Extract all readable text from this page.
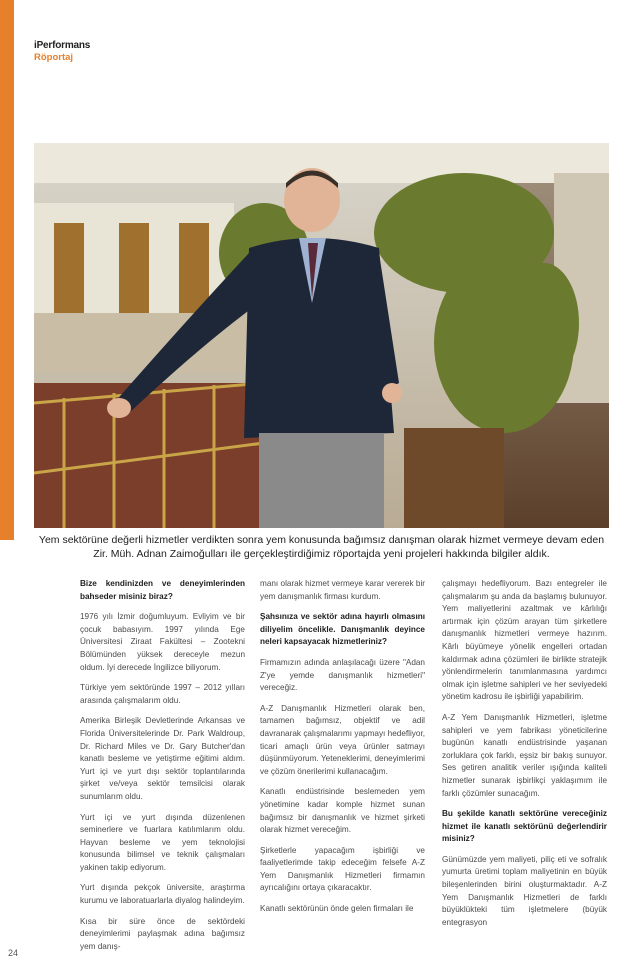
iPerformans
Röportaj
Yem sektörüne değerli hizmetler verdikten sonra yem konusunda bağımsız danışman olarak hizmet vermeye devam eden
Zir. Müh. Adnan Zaimoğulları ile gerçekleştirdiğimiz röportajda yeni projeleri hakkında bilgiler aldık.

Bize kendinizden ve deneyimlerinden bahseder misiniz biraz?

1976 yılı İzmir doğumluyum. Evliyim ve bir çocuk babasıyım. 1997 yılında Ege Üniversitesi Ziraat Fakültesi – Zootekni Bölümünden yüksek dereceyle mezun oldum. İyi derecede İngilizce biliyorum.

Türkiye yem sektöründe 1997 – 2012 yılları arasında çalışmalarım oldu.

Amerika Birleşik Devletlerinde Arkansas ve Florida Üniversitelerinde Dr. Park Waldroup, Dr. Richard Miles ve Dr. Gary Butcher'dan kanatlı besleme ve yetiştirme eğitimi aldım. Yurt içi ve yurt dışı sektör toplantılarında şirket ve/veya sektör temsilcisi olarak sunumlarım oldu.

Yurt içi ve yurt dışında düzenlenen seminerlere ve fuarlara katılımlarım oldu. Hayvan besleme ve yem teknolojisi konusunda bilimsel ve teknik çalışmaları yakinen takip ediyorum.

Yurt dışında pekçok üniversite, araştırma kurumu ve laboratuarlarla diyalog halindeyim.

Kısa bir süre önce de sektördeki deneyimlerimi paylaşmak adına bağımsız yem danış-

manı olarak hizmet vermeye karar vererek bir yem danışmanlık firması kurdum.

Şahsınıza ve sektör adına hayırlı olmasını diliyelim öncelikle. Danışmanlık deyince neleri kapsayacak hizmetleriniz?

Firmamızın adında anlaşılacağı üzere "Adan Z'ye yemde danışmanlık hizmetleri" vereceğiz.

A-Z Danışmanlık Hizmetleri olarak ben, tamamen bağımsız, objektif ve adil davranarak çalışmalarımı yapmayı hedefliyor, ticari amaçlı ürün veya ürünler satmayı düşünmüyorum. Yeteneklerimi, deneyimlerimi ve çözüm önerilerimi kullanacağım.

Kanatlı endüstrisinde beslemeden yem yönetimine kadar komple hizmet sunan bağımsız bir danışmanlık ve hizmet şirketi olarak hizmet vereceğim.

Şirketlerle yapacağım işbirliği ve faaliyetlerimde takip edeceğim felsefe A-Z Yem Danışmanlık Hizmetleri firmamın ayrıcalığını ortaya çıkaracaktır.

Kanatlı sektörünün önde gelen firmaları ile

çalışmayı hedefliyorum. Bazı entegreler ile çalışmalarım şu anda da başlamış bulunuyor. Yem maliyetlerini azaltmak ve kârlılığı artırmak için çözüm arayan tüm şirketlere danışmanlık hizmetleri vermeye hazırım. Kârlı büyümeye yönelik engelleri ortadan kaldırmak adına çözümleri ile birlikte stratejik yönlendirmelerin tanımlanmasına yardımcı olmak için işletme sahipleri ve her seviyedeki yönetim kadrosu ile işbirliği yapabilirim.

A-Z Yem Danışmanlık Hizmetleri, işletme sahipleri ve yem fabrikası yöneticilerine bugünün kanatlı endüstrisinde yaşanan zorluklara çok farklı, eşsiz bir bakış sunuyor. Ses getiren analitik veriler ışığında kaliteli hizmetler sunarak işbirlikçi yaklaşımım ile farklı çözümler sunacağım.

Bu şekilde kanatlı sektörüne vereceğiniz hizmet ile kanatlı sektörünü değerlendirir misiniz?

Günümüzde yem maliyeti, piliç eti ve sofralık yumurta üretimi toplam maliyetinin en büyük bileşenlerinden birini oluşturmaktadır. A-Z Yem Danışmanlık Hizmetleri de farklı büyüklükteki tüm işletmelere (büyük entegrasyon

24
